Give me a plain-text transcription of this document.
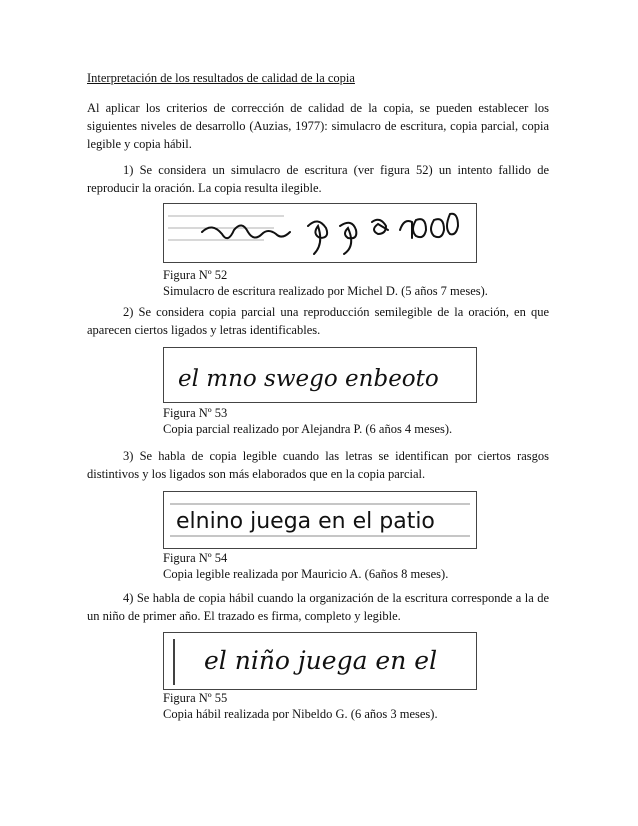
Interpretación de los resultados de calidad de la copia

Al aplicar los criterios de corrección de calidad de la copia, se pueden establecer los siguientes niveles de desarrollo (Auzias, 1977): simulacro de escritura, copia parcial, copia legible y copia hábil.

1) Se considera un simulacro de escritura (ver figura 52) un intento fallido de reproducir la oración. La copia resulta ilegible.

Figura Nº 52
Simulacro de escritura realizado por Michel D. (5 años 7 meses).

2) Se considera copia parcial una reproducción semilegible de la oración, en que aparecen ciertos ligados y letras identificables.

el mno swego enbeoto
Figura Nº 53
Copia parcial realizado por Alejandra P. (6 años 4 meses).

3) Se habla de copia legible cuando las letras se identifican por ciertos rasgos distintivos y los ligados son más elaborados que en la copia parcial.

elnino juega en el patio
Figura Nº 54
Copia legible realizada por Mauricio A. (6años 8 meses).

4) Se habla de copia hábil cuando la organización de la escritura corresponde a la de un niño de primer año. El trazado es firma, completo y legible.

el niño juega en el
Figura Nº 55
Copia hábil realizada por Nibeldo G. (6 años 3 meses).
